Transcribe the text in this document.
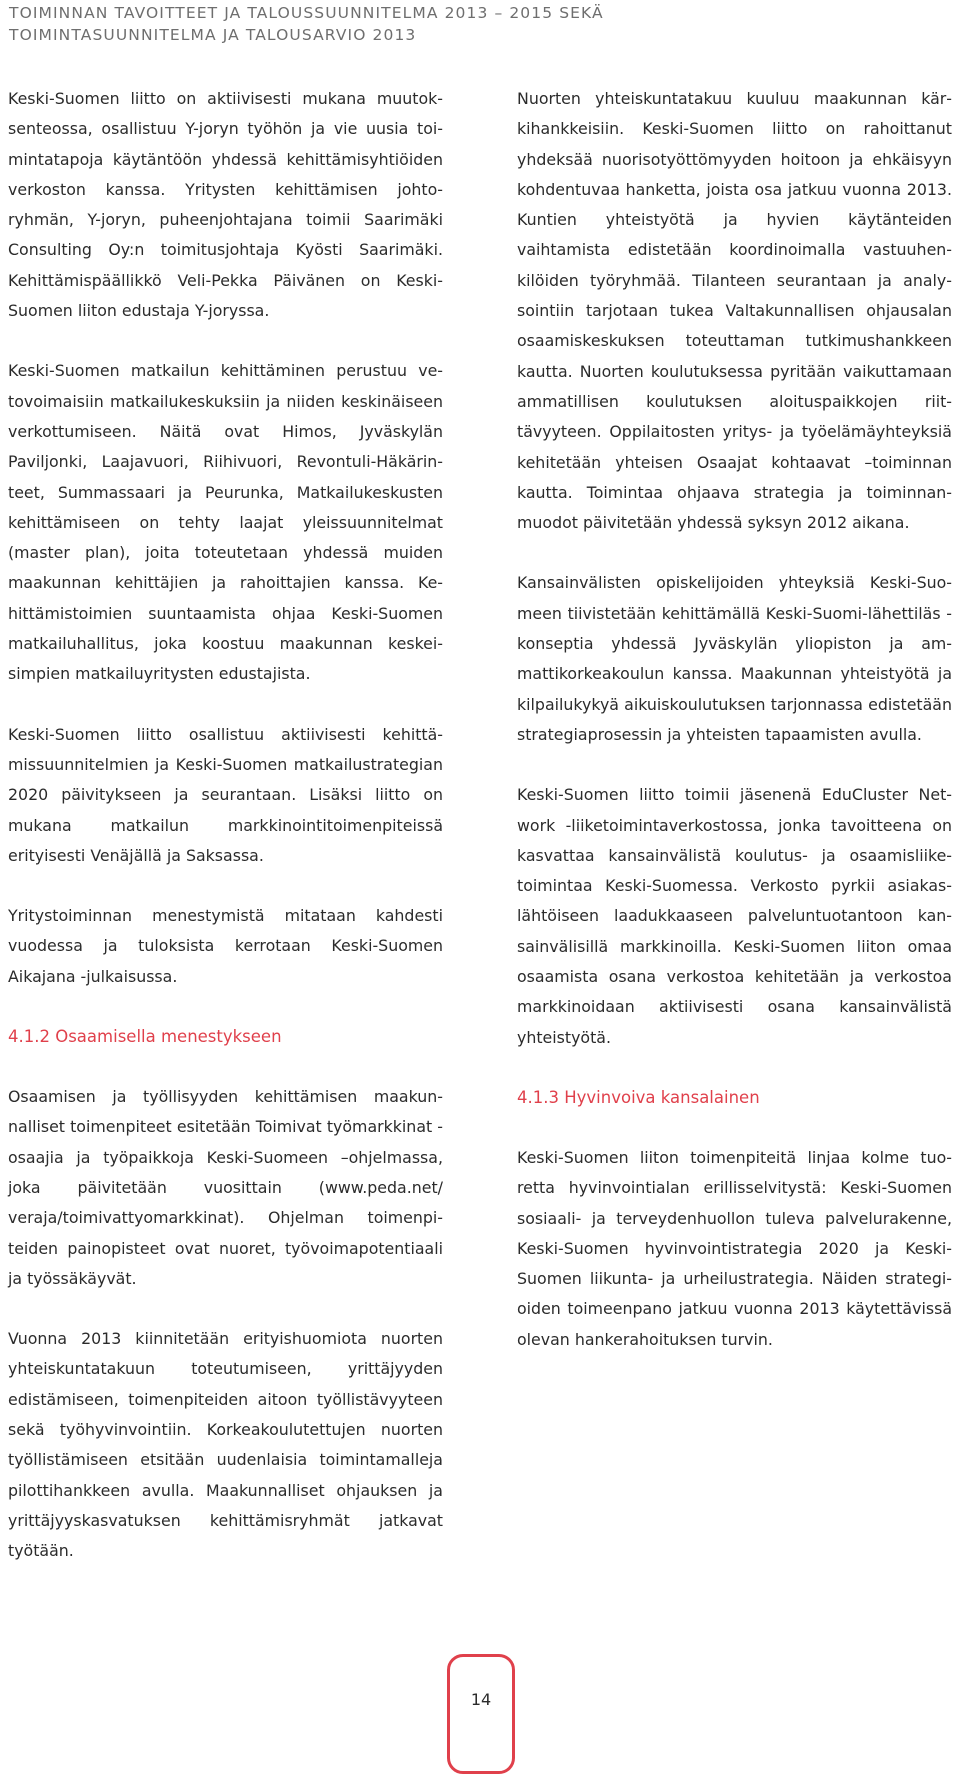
TOIMINNAN TAVOITTEET JA TALOUSSUUNNITELMA 2013 – 2015 SEKÄ
TOIMINTASUUNNITELMA JA TALOUSARVIO 2013

Keski-Suomen liitto on aktiivisesti mukana muutoksenteossa, osallistuu Y-joryn työhön ja vie uusia toimintatapoja käytäntöön yhdessä kehittämisyhtiöiden verkoston kanssa. Yritysten kehittämisen johtoryhmän, Y-joryn, puheenjohtajana toimii Saarimäki Consulting Oy:n toimitusjohtaja Kyösti Saarimäki. Kehittämispäällikkö Veli-Pekka Päivänen on Keski-Suomen liiton edustaja Y-joryssa.

Keski-Suomen matkailun kehittäminen perustuu vetovoimaisiin matkailukeskuksiin ja niiden keskinäiseen verkottumiseen. Näitä ovat Himos, Jyväskylän Paviljonki, Laajavuori, Riihivuori, Revontuli-Häkärinteet, Summassaari ja Peurunka, Matkailukeskusten kehittämiseen on tehty laajat yleissuunnitelmat (master plan), joita toteutetaan yhdessä muiden maakunnan kehittäjien ja rahoittajien kanssa. Kehittämistoimien suuntaamista ohjaa Keski-Suomen matkailuhallitus, joka koostuu maakunnan keskeisimpien matkailuyritysten edustajista.

Keski-Suomen liitto osallistuu aktiivisesti kehittämissuunnitelmien ja Keski-Suomen matkailustrategian 2020 päivitykseen ja seurantaan. Lisäksi liitto on mukana matkailun markkinointitoimenpiteissä erityisesti Venäjällä ja Saksassa.

Yritystoiminnan menestymistä mitataan kahdesti vuodessa ja tuloksista kerrotaan Keski-Suomen Aikajana -julkaisussa.

4.1.2 Osaamisella menestykseen

Osaamisen ja työllisyyden kehittämisen maakunnalliset toimenpiteet esitetään Toimivat työmarkkinat - osaajia ja työpaikkoja Keski-Suomeen –ohjelmassa, joka päivitetään vuosittain (www.peda.net/ veraja/toimivattyomarkkinat). Ohjelman toimenpiteiden painopisteet ovat nuoret, työvoimapotentiaali ja työssäkäyvät.

Vuonna 2013 kiinnitetään erityishuomiota nuorten yhteiskuntatakuun toteutumiseen, yrittäjyyden edistämiseen, toimenpiteiden aitoon työllistävyyteen sekä työhyvinvointiin. Korkeakoulutettujen nuorten työllistämiseen etsitään uudenlaisia toimintamalleja pilottihankkeen avulla. Maakunnalliset ohjauksen ja yrittäjyyskasvatuksen kehittämisryhmät jatkavat työtään.

Nuorten yhteiskuntatakuu kuuluu maakunnan kärkihankkeisiin. Keski-Suomen liitto on rahoittanut yhdeksää nuorisotyöttömyyden hoitoon ja ehkäisyyn kohdentuvaa hanketta, joista osa jatkuu vuonna 2013. Kuntien yhteistyötä ja hyvien käytänteiden vaihtamista edistetään koordinoimalla vastuuhenkilöiden työryhmää. Tilanteen seurantaan ja analysointiin tarjotaan tukea Valtakunnallisen ohjausalan osaamiskeskuksen toteuttaman tutkimushankkeen kautta. Nuorten koulutuksessa pyritään vaikuttamaan ammatillisen koulutuksen aloituspaikkojen riittävyyteen. Oppilaitosten yritys- ja työelämäyhteyksiä kehitetään yhteisen Osaajat kohtaavat –toiminnan kautta. Toimintaa ohjaava strategia ja toiminnanmuodot päivitetään yhdessä syksyn 2012 aikana.

Kansainvälisten opiskelijoiden yhteyksiä Keski-Suomeen tiivistetään kehittämällä Keski-Suomi-lähettiläs -konseptia yhdessä Jyväskylän yliopiston ja ammattikorkeakoulun kanssa. Maakunnan yhteistyötä ja kilpailukykyä aikuiskoulutuksen tarjonnassa edistetään strategiaprosessin ja yhteisten tapaamisten avulla.

Keski-Suomen liitto toimii jäsenenä EduCluster Network -liiketoimintaverkostossa, jonka tavoitteena on kasvattaa kansainvälistä koulutus- ja osaamisliiketoimintaa Keski-Suomessa. Verkosto pyrkii asiakaslähtöiseen laadukkaaseen palveluntuotantoon kansainvälisillä markkinoilla. Keski-Suomen liiton omaa osaamista osana verkostoa kehitetään ja verkostoa markkinoidaan aktiivisesti osana kansainvälistä yhteistyötä.

4.1.3 Hyvinvoiva kansalainen

Keski-Suomen liiton toimenpiteitä linjaa kolme tuoretta hyvinvointialan erillisselvitystä: Keski-Suomen sosiaali- ja terveydenhuollon tuleva palvelurakenne, Keski-Suomen hyvinvointistrategia 2020 ja Keski-Suomen liikunta- ja urheilustrategia. Näiden strategioiden toimeenpano jatkuu vuonna 2013 käytettävissä olevan hankerahoituksen turvin.

14
